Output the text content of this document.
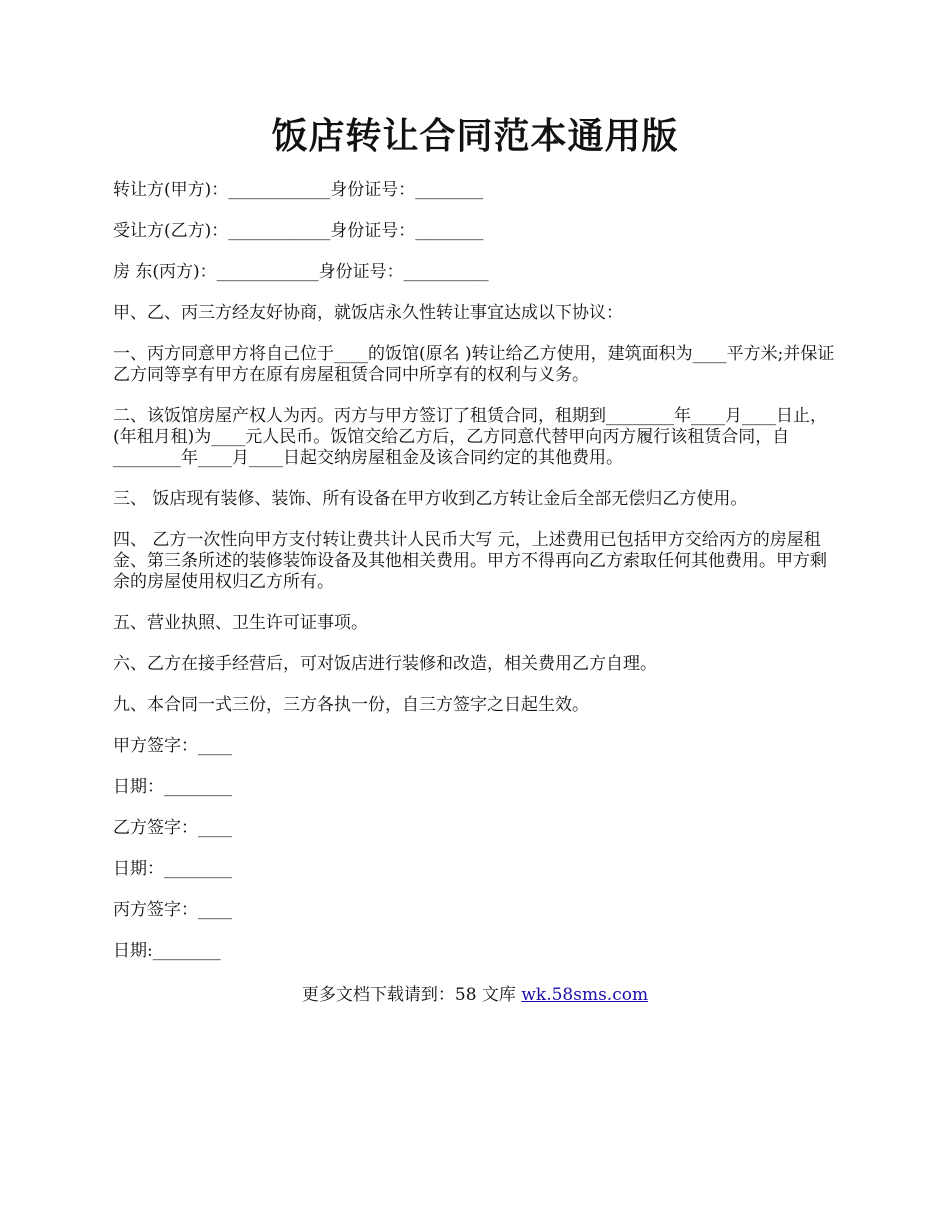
饭店转让合同范本通用版

转让方(甲方)：____________身份证号：________

受让方(乙方)：____________身份证号：________

房 东(丙方)：____________身份证号：__________

甲、乙、丙三方经友好协商，就饭店永久性转让事宜达成以下协议：

一、丙方同意甲方将自己位于____的饭馆(原名 )转让给乙方使用，建筑面积为____平方米;并保证乙方同等享有甲方在原有房屋租赁合同中所享有的权利与义务。

二、该饭馆房屋产权人为丙。丙方与甲方签订了租赁合同，租期到________年____月____日止，(年租月租)为____元人民币。饭馆交给乙方后，乙方同意代替甲向丙方履行该租赁合同，自________年____月____日起交纳房屋租金及该合同约定的其他费用。

三、 饭店现有装修、装饰、所有设备在甲方收到乙方转让金后全部无偿归乙方使用。

四、 乙方一次性向甲方支付转让费共计人民币大写 元，上述费用已包括甲方交给丙方的房屋租金、第三条所述的装修装饰设备及其他相关费用。甲方不得再向乙方索取任何其他费用。甲方剩余的房屋使用权归乙方所有。

五、营业执照、卫生许可证事项。

六、乙方在接手经营后，可对饭店进行装修和改造，相关费用乙方自理。

九、本合同一式三份，三方各执一份，自三方签字之日起生效。

甲方签字：____

日期：________

乙方签字：____

日期：________

丙方签字：____

日期:________

更多文档下载请到：58 文库 wk.58sms.com
